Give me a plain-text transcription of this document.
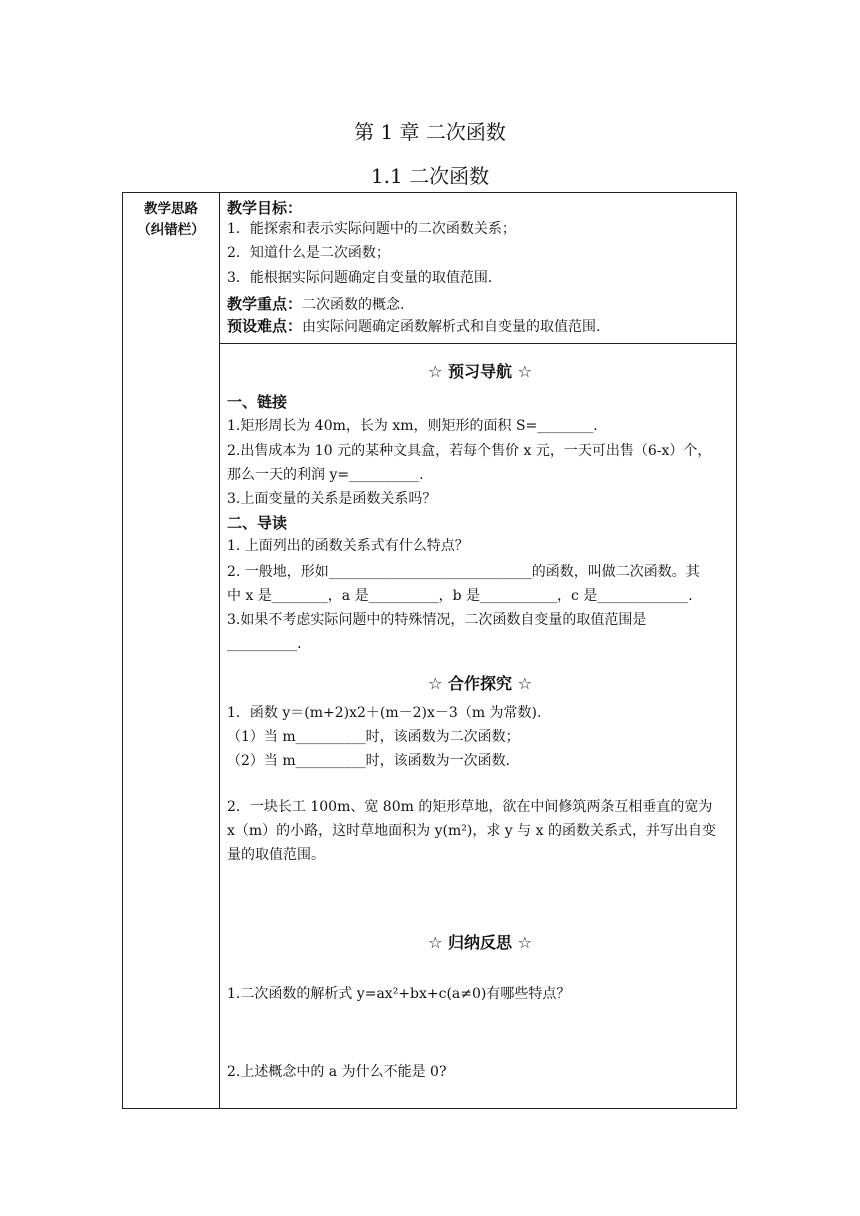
第 1 章 二次函数
1.1 二次函数
教学思路
（纠错栏）
教学目标：
1．能探索和表示实际问题中的二次函数关系；
2．知道什么是二次函数；
3．能根据实际问题确定自变量的取值范围．
教学重点：二次函数的概念.
预设难点：由实际问题确定函数解析式和自变量的取值范围.
☆ 预习导航 ☆
一、链接
1.矩形周长为 40m，长为 xm，则矩形的面积 S=________.
2.出售成本为 10 元的某种文具盒，若每个售价 x 元，一天可出售（6-x）个，
那么一天的利润 y=__________.
3.上面变量的关系是函数关系吗？
二、导读
1. 上面列出的函数关系式有什么特点？
2. 一般地，形如_____________________________的函数，叫做二次函数。其
中 x 是________，a 是__________，b 是___________，c 是_____________.
3.如果不考虑实际问题中的特殊情况，二次函数自变量的取值范围是
__________.
☆ 合作探究 ☆
1．函数 y＝(m+2)x2＋(m－2)x－3（m 为常数).
（1）当 m__________时，该函数为二次函数；
（2）当 m__________时，该函数为一次函数．
2．一块长工 100m、宽 80m 的矩形草地，欲在中间修筑两条互相垂直的宽为
x（m）的小路，这时草地面积为 y(m²)，求 y 与 x 的函数关系式，并写出自变
量的取值范围。
☆ 归纳反思 ☆
1.二次函数的解析式 y=ax²+bx+c(a≠0)有哪些特点？
2.上述概念中的 a 为什么不能是 0?
